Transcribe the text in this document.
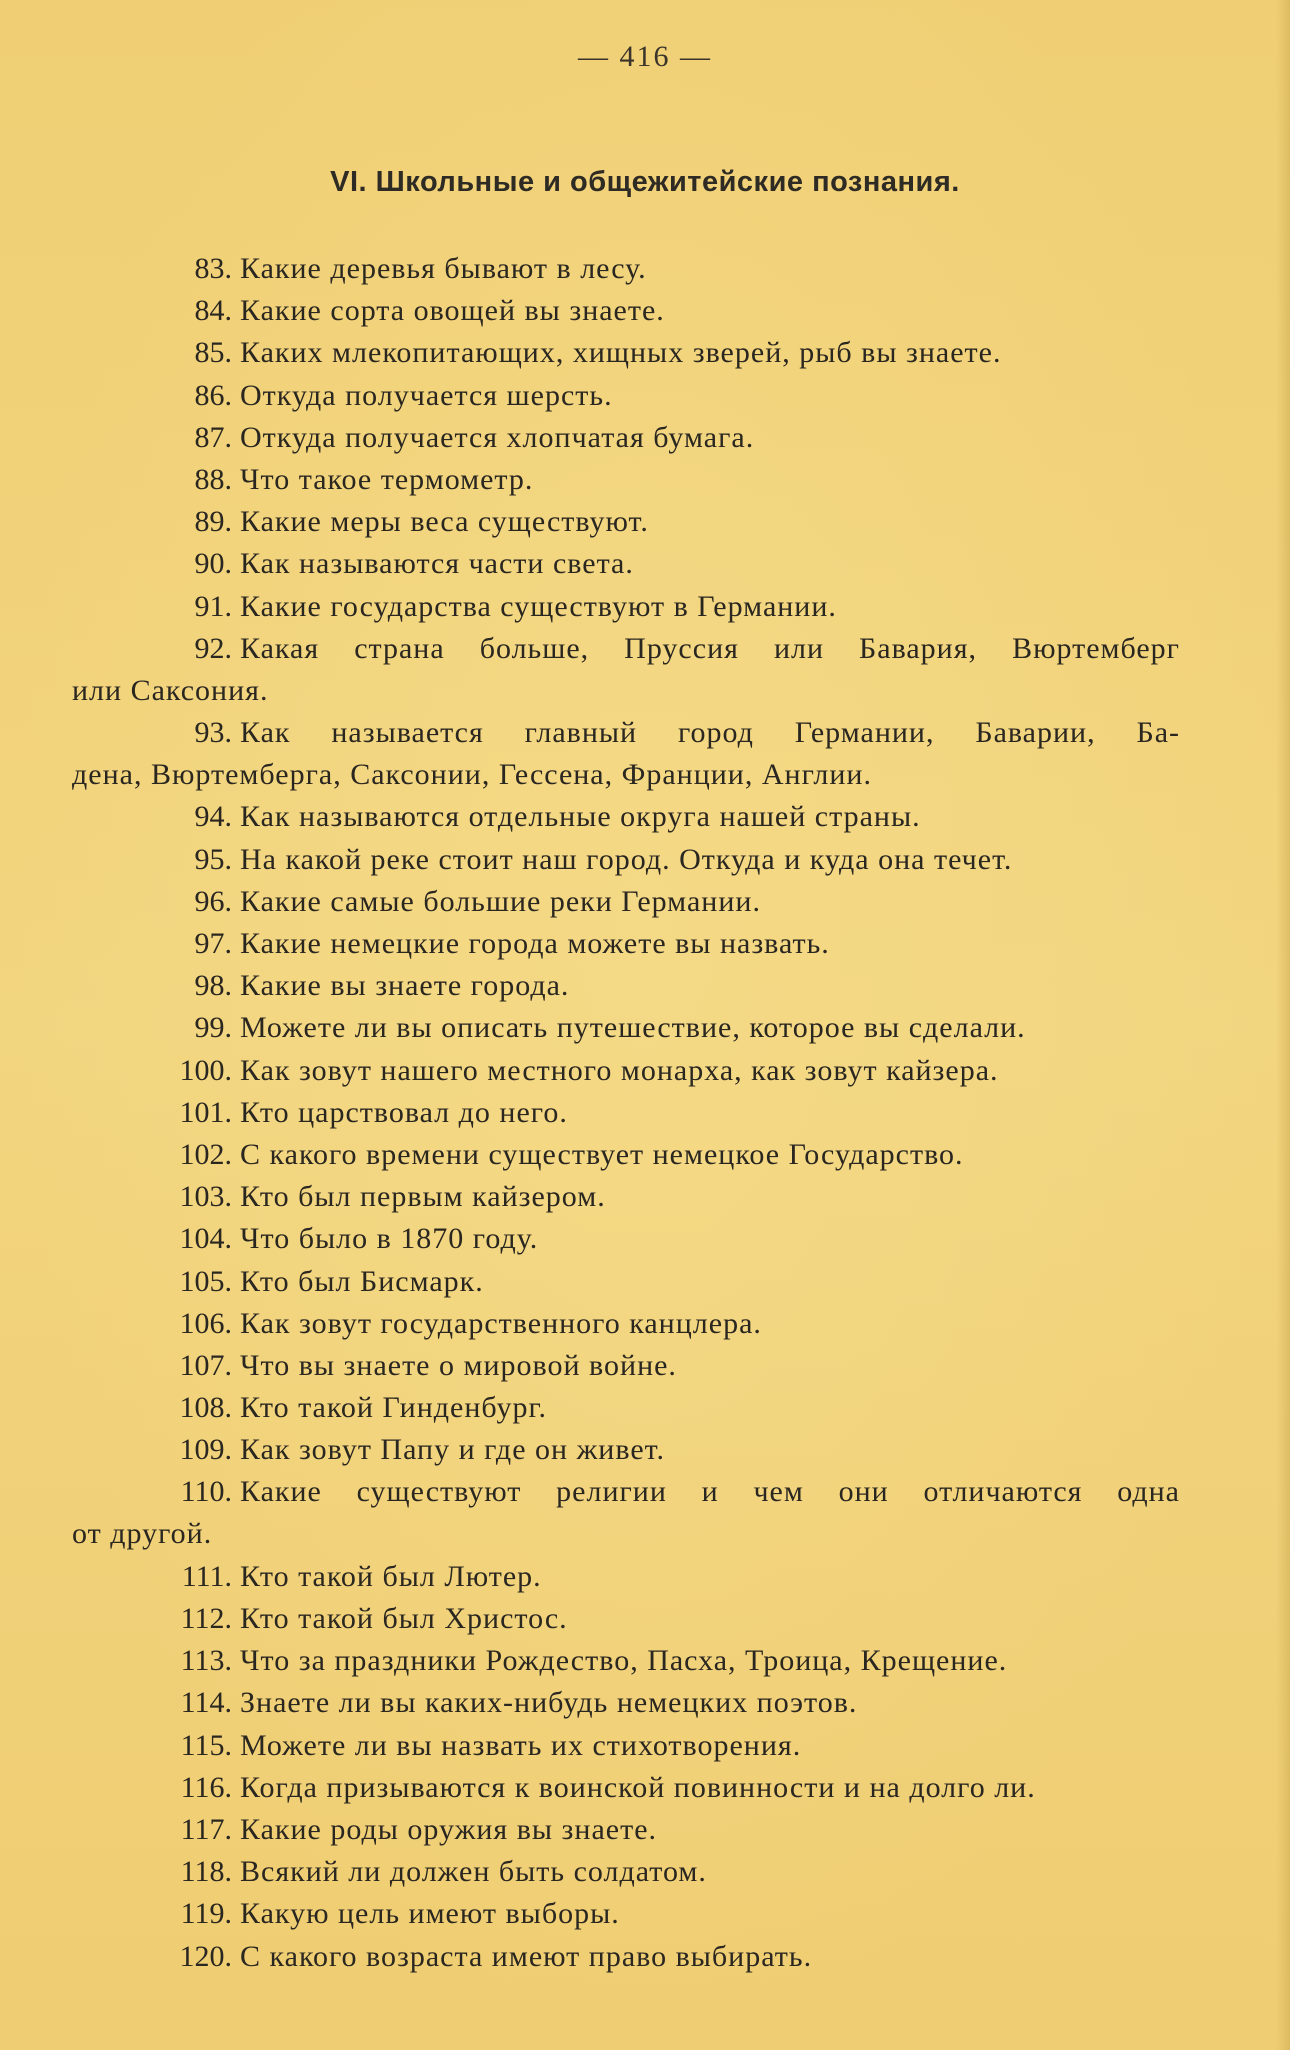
— 416 —
VI. Школьные и общежитейские познания.
83. Какие деревья бывают в лесу.
84. Какие сорта овощей вы знаете.
85. Каких млекопитающих, хищных зверей, рыб вы знаете.
86. Откуда получается шерсть.
87. Откуда получается хлопчатая бумага.
88. Что такое термометр.
89. Какие меры веса существуют.
90. Как называются части света.
91. Какие государства существуют в Германии.
92. Какая страна больше, Пруссия или Бавария, Вюртемберг
или Саксония.
93. Как называется главный город Германии, Баварии, Ба-
дена, Вюртемберга, Саксонии, Гессена, Франции, Англии.
94. Как называются отдельные округа нашей страны.
95. На какой реке стоит наш город. Откуда и куда она течет.
96. Какие самые большие реки Германии.
97. Какие немецкие города можете вы назвать.
98. Какие вы знаете города.
99. Можете ли вы описать путешествие, которое вы сделали.
100. Как зовут нашего местного монарха, как зовут кайзера.
101. Кто царствовал до него.
102. С какого времени существует немецкое Государство.
103. Кто был первым кайзером.
104. Что было в 1870 году.
105. Кто был Бисмарк.
106. Как зовут государственного канцлера.
107. Что вы знаете о мировой войне.
108. Кто такой Гинденбург.
109. Как зовут Папу и где он живет.
110. Какие существуют религии и чем они отличаются одна
от другой.
111. Кто такой был Лютер.
112. Кто такой был Христос.
113. Что за праздники Рождество, Пасха, Троица, Крещение.
114. Знаете ли вы каких-нибудь немецких поэтов.
115. Можете ли вы назвать их стихотворения.
116. Когда призываются к воинской повинности и на долго ли.
117. Какие роды оружия вы знаете.
118. Всякий ли должен быть солдатом.
119. Какую цель имеют выборы.
120. С какого возраста имеют право выбирать.
